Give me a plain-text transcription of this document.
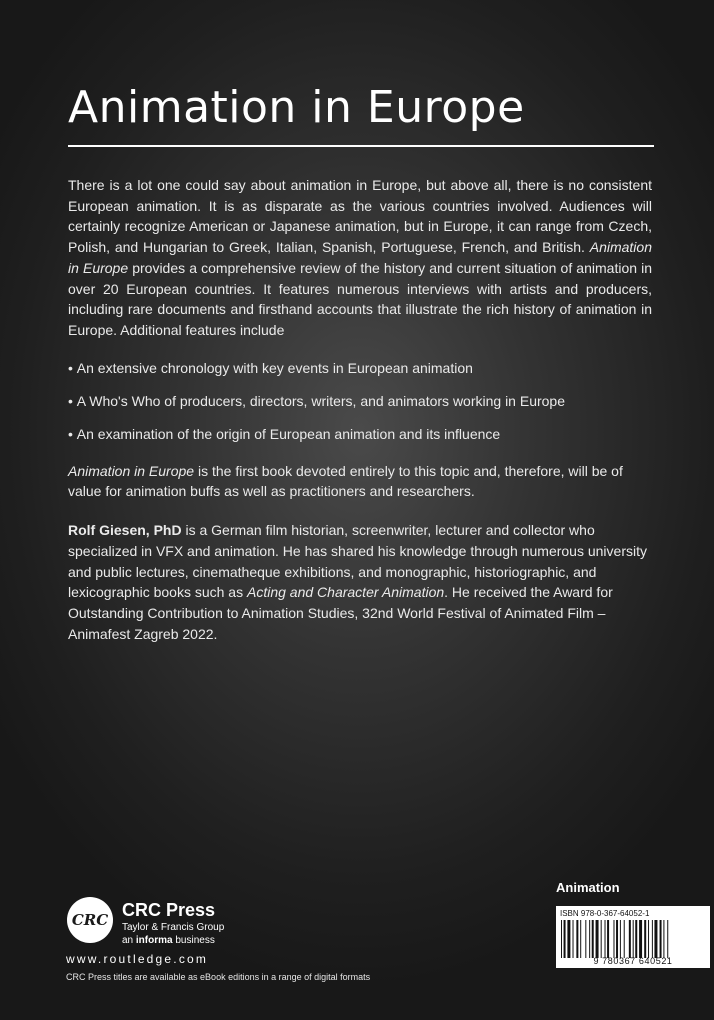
Animation in Europe

There is a lot one could say about animation in Europe, but above all, there is no consistent European animation. It is as disparate as the various countries involved. Audiences will certainly recognize American or Japanese animation, but in Europe, it can range from Czech, Polish, and Hungarian to Greek, Italian, Spanish, Portuguese, French, and British. Animation in Europe provides a comprehensive review of the history and current situation of animation in over 20 European countries. It features numerous interviews with artists and producers, including rare documents and firsthand accounts that illustrate the rich history of animation in Europe. Additional features include

• An extensive chronology with key events in European animation
• A Who's Who of producers, directors, writers, and animators working in Europe
• An examination of the origin of European animation and its influence

Animation in Europe is the first book devoted entirely to this topic and, therefore, will be of value for animation buffs as well as practitioners and researchers.

Rolf Giesen, PhD is a German film historian, screenwriter, lecturer and collector who specialized in VFX and animation. He has shared his knowledge through numerous university and public lectures, cinematheque exhibitions, and monographic, historiographic, and lexicographic books such as Acting and Character Animation. He received the Award for Outstanding Contribution to Animation Studies, 32nd World Festival of Animated Film – Animafest Zagreb 2022.

Animation
ISBN 978-0-367-64052-1
9 780367 640521
CRC CRC Press
Taylor & Francis Group
an informa business
www.routledge.com
CRC Press titles are available as eBook editions in a range of digital formats
